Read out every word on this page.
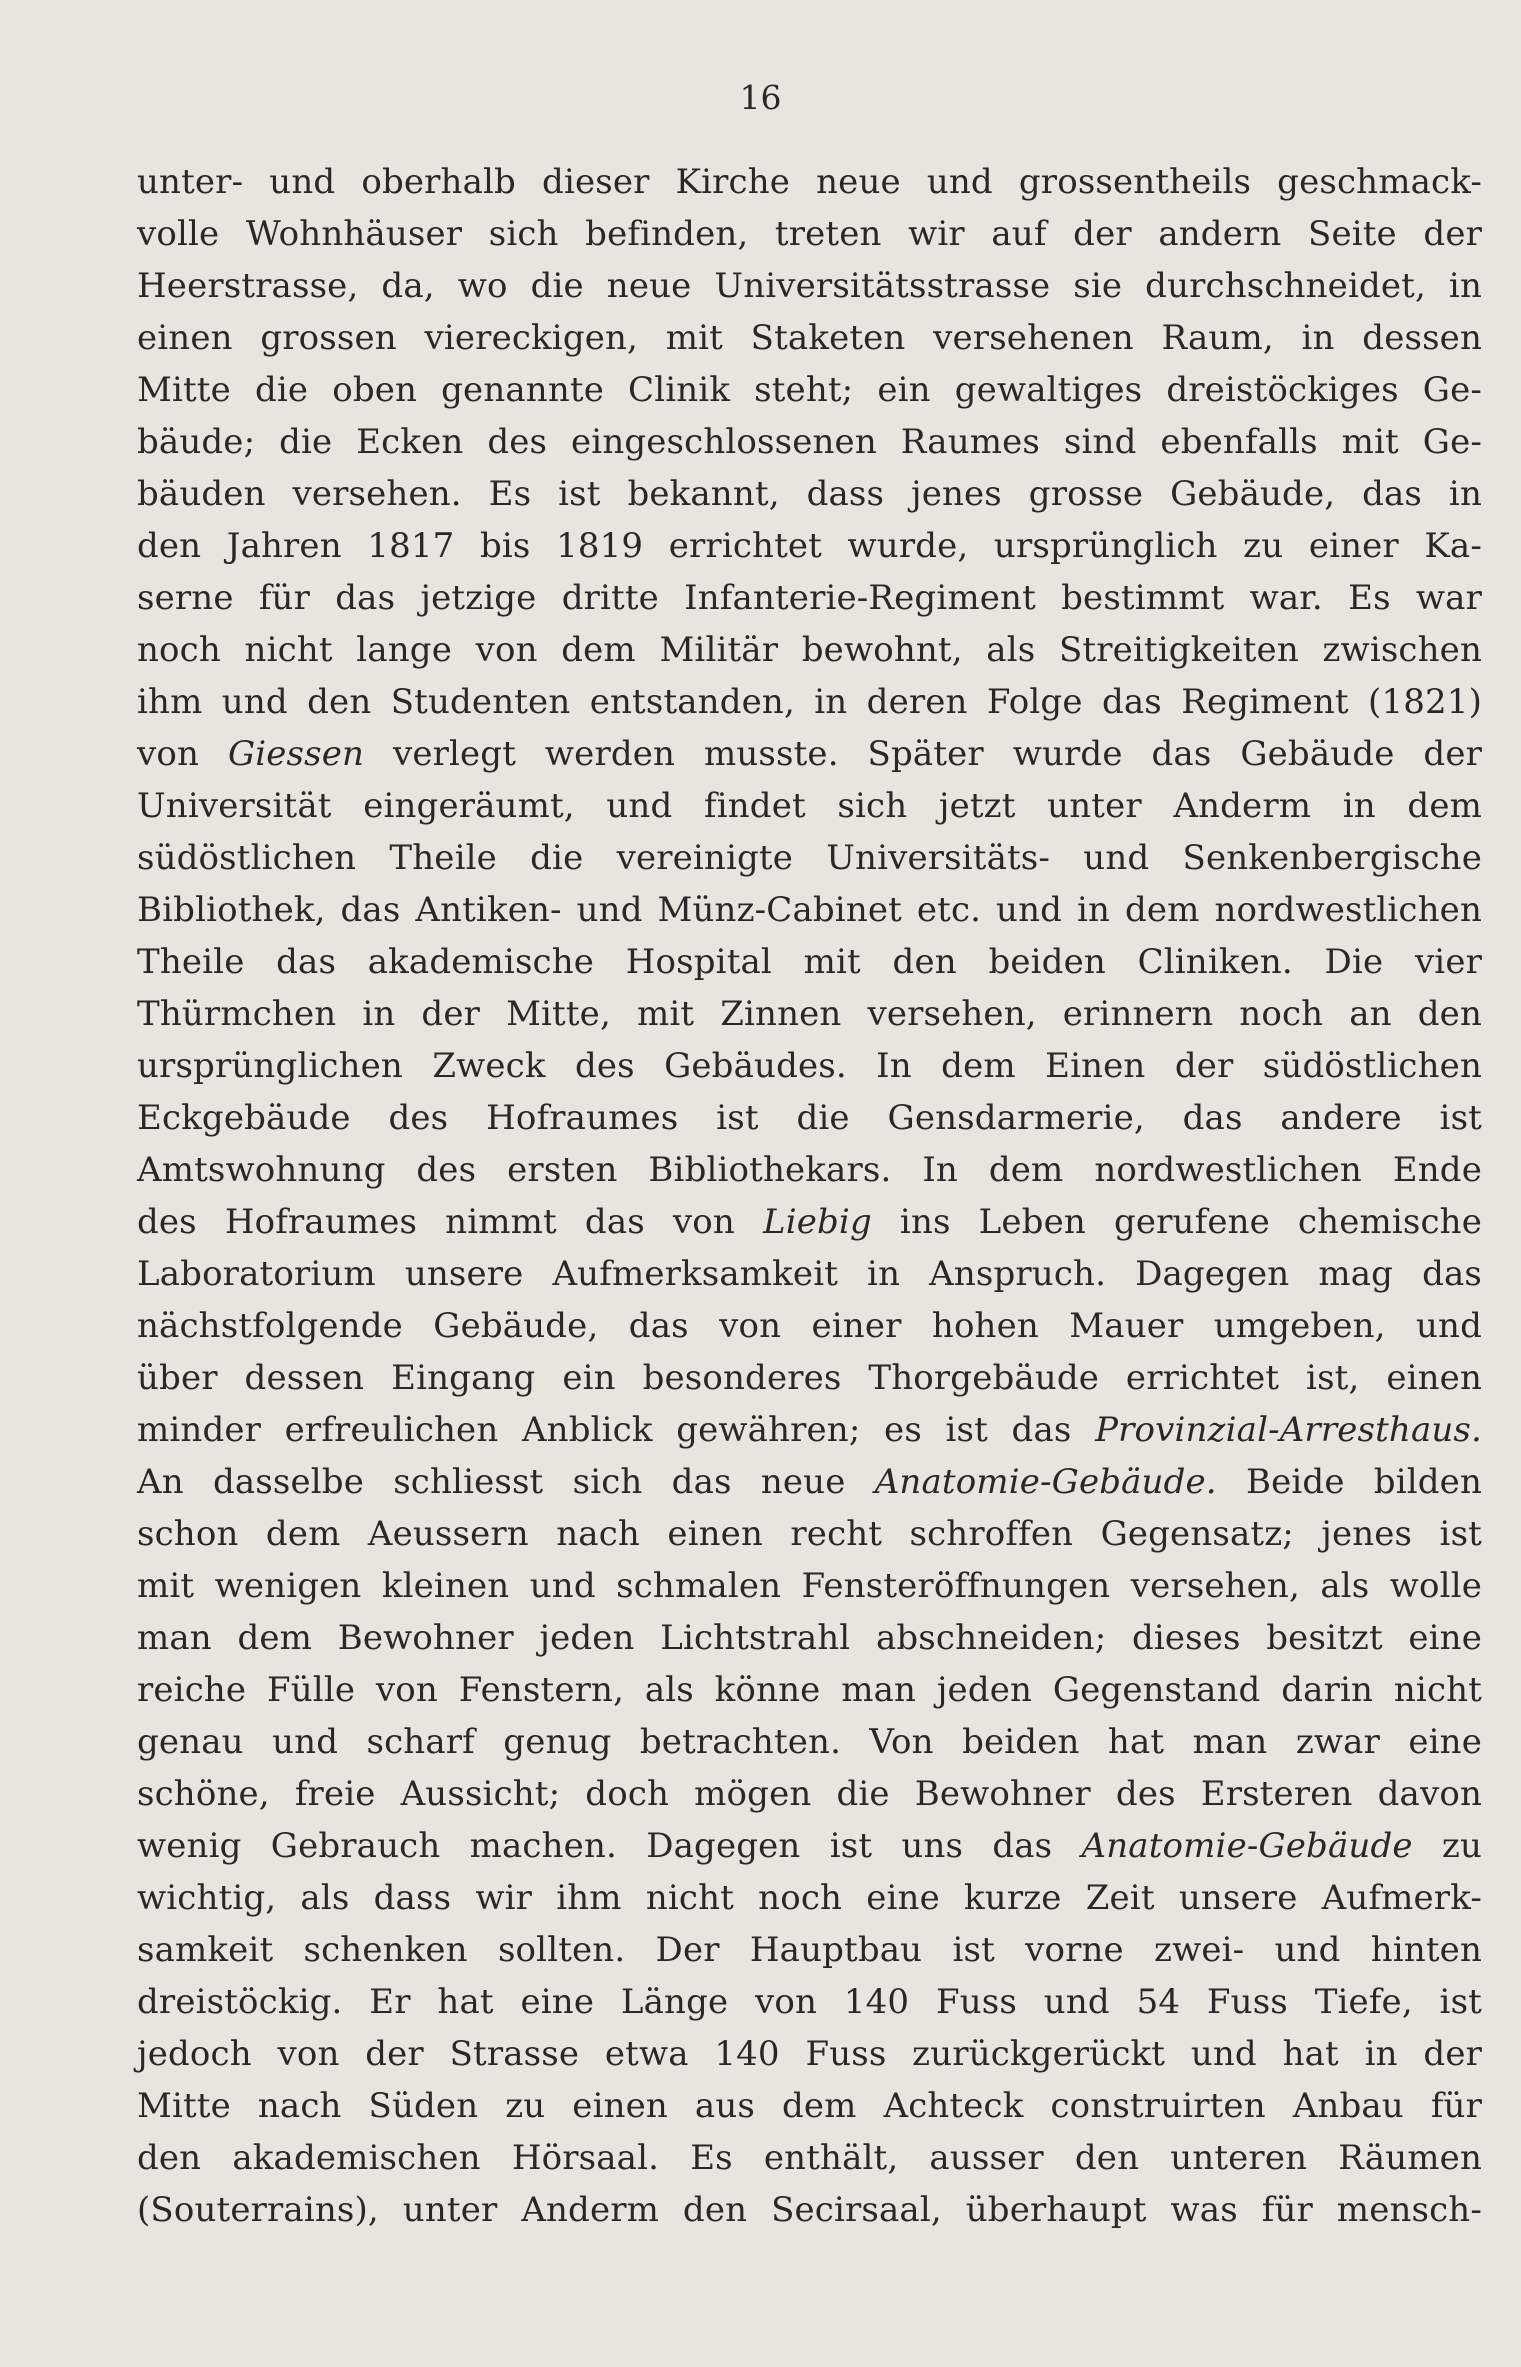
16
unter- und oberhalb dieser Kirche neue und grossentheils geschmack-
volle Wohnhäuser sich befinden, treten wir auf der andern Seite der
Heerstrasse, da, wo die neue Universitätsstrasse sie durchschneidet, in
einen grossen viereckigen, mit Staketen versehenen Raum, in dessen
Mitte die oben genannte Clinik steht; ein gewaltiges dreistöckiges Ge-
bäude; die Ecken des eingeschlossenen Raumes sind ebenfalls mit Ge-
bäuden versehen. Es ist bekannt, dass jenes grosse Gebäude, das in
den Jahren 1817 bis 1819 errichtet wurde, ursprünglich zu einer Ka-
serne für das jetzige dritte Infanterie-Regiment bestimmt war. Es war
noch nicht lange von dem Militär bewohnt, als Streitigkeiten zwischen
ihm und den Studenten entstanden, in deren Folge das Regiment (1821)
von Giessen verlegt werden musste. Später wurde das Gebäude der
Universität eingeräumt, und findet sich jetzt unter Anderm in dem
südöstlichen Theile die vereinigte Universitäts- und Senkenbergische
Bibliothek, das Antiken- und Münz-Cabinet etc. und in dem nordwestlichen
Theile das akademische Hospital mit den beiden Cliniken. Die vier
Thürmchen in der Mitte, mit Zinnen versehen, erinnern noch an den
ursprünglichen Zweck des Gebäudes. In dem Einen der südöstlichen
Eckgebäude des Hofraumes ist die Gensdarmerie, das andere ist
Amtswohnung des ersten Bibliothekars. In dem nordwestlichen Ende
des Hofraumes nimmt das von Liebig ins Leben gerufene chemische
Laboratorium unsere Aufmerksamkeit in Anspruch. Dagegen mag das
nächstfolgende Gebäude, das von einer hohen Mauer umgeben, und
über dessen Eingang ein besonderes Thorgebäude errichtet ist, einen
minder erfreulichen Anblick gewähren; es ist das Provinzial-Arresthaus.
An dasselbe schliesst sich das neue Anatomie-Gebäude. Beide bilden
schon dem Aeussern nach einen recht schroffen Gegensatz; jenes ist
mit wenigen kleinen und schmalen Fensteröffnungen versehen, als wolle
man dem Bewohner jeden Lichtstrahl abschneiden; dieses besitzt eine
reiche Fülle von Fenstern, als könne man jeden Gegenstand darin nicht
genau und scharf genug betrachten. Von beiden hat man zwar eine
schöne, freie Aussicht; doch mögen die Bewohner des Ersteren davon
wenig Gebrauch machen. Dagegen ist uns das Anatomie-Gebäude zu
wichtig, als dass wir ihm nicht noch eine kurze Zeit unsere Aufmerk-
samkeit schenken sollten. Der Hauptbau ist vorne zwei- und hinten
dreistöckig. Er hat eine Länge von 140 Fuss und 54 Fuss Tiefe, ist
jedoch von der Strasse etwa 140 Fuss zurückgerückt und hat in der
Mitte nach Süden zu einen aus dem Achteck construirten Anbau für
den akademischen Hörsaal. Es enthält, ausser den unteren Räumen
(Souterrains), unter Anderm den Secirsaal, überhaupt was für mensch-
